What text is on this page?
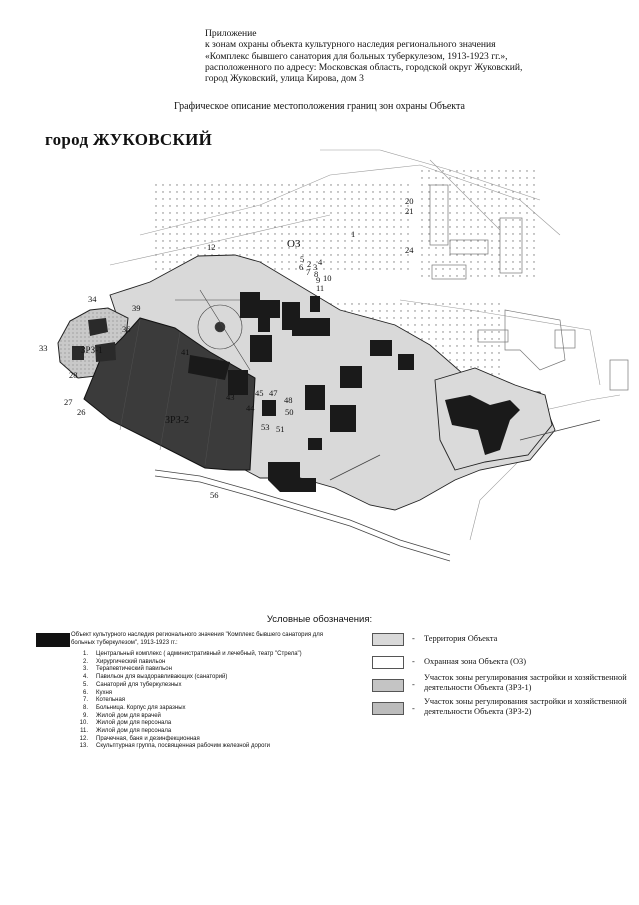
Приложение
к зонам охраны объекта культурного наследия регионального значения
«Комплекс бывшего санатория для больных туберкулезом, 1913-1923 гг.»,
расположенного по адресу: Московская область, городской округ Жуковский,
город Жуковский, улица Кирова, дом 3
Графическое описание местоположения границ зон охраны Объекта
ОЗ
ЗРЗ-1
ЗРЗ-2
1
2 3 4
5
6 7 8
9 10
11
12
20
21
24
26
27
28
33
34
36
39
41
43
44
45 47
48
50
51
53
56
город ЖУКОВСКИЙ
Условные обозначения:
Объект культурного наследия регионального значения "Комплекс бывшего санатория для больных туберкулезом", 1913-1923 гг.:
1. Центральный комплекс ( административный и лечебный, театр "Стрела")
2. Хирургический павильон
3. Терапевтический павильон
4. Павильон для выздоравливающих (санаторий)
5. Санаторий для туберкулезных
6. Кухня
7. Котельная
8. Больница. Корпус для заразных
9. Жилой дом для врачей
10. Жилой дом для персонала
11. Жилой дом для персонала
12. Прачечная, баня и дезинфекционная
13. Скульптурная группа, посвященная рабочим железной дороги
- Территория Объекта
- Охранная зона Объекта (ОЗ)
-
Участок зоны регулирования застройки и хозяйственной деятельности Объекта (ЗРЗ-1)
-
Участок зоны регулирования застройки и хозяйственной деятельности Объекта (ЗРЗ-2)
